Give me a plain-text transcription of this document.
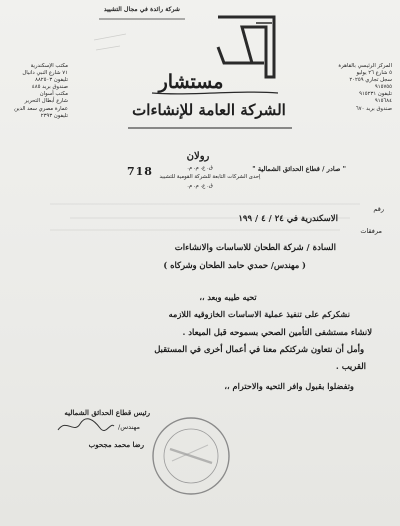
شركة رائدة في مجال التشييد
مستشار
الشركة العامة للإنشاءات
المركز الرئيسي بالقاهرة
٥ شارع ٢٦ يوليو
سجل تجاري ٢٠٢٥٩
٩١٥٧٥٥
تليفون ٩١٥٢٣١
٩١٥٦٨٤
صندوق بريد ٦٧٠
مكتب الإسكندرية
٧١ شارع النبي دانيال
تليفون ٨٨٢٥٠٣
صندوق بريد ٤٨٥
مكتب أسوان
شارع أبطال التحرير
عمارة مصري سعد الدين
تليفون ٢٣٩٣
رولان
ق. ع. م. م.
إحدى الشركات التابعة للشركة القومية للتشييد
" صادر / قطاع الحدائق الشمالية "
ق. ع. م. م.
718
رقم
مرفقات
الاسكندرية في ٢٤ / ٤ / ١٩٩
السادة / شركة الطحان للاساسات والانشاءات
( مهندس/ حمدي حامد الطحان وشركاه )
تحيه طيبه وبعد ،،
نشكركم على تنفيذ عملية الاساسات الخازوقيه اللازمه
لانشاء مستشفى التأمين الصحي بسموحه قبل الميعاد .
وأمل أن نتعاون شركتكم معنا في أعمال أخرى في المستقبل
القريب .
وتفضلوا بقبول وافر التحيه والاحترام ،،
رئيس قطاع الحدائق الشماليه
مهندس/
رضا محمد مجحوب
